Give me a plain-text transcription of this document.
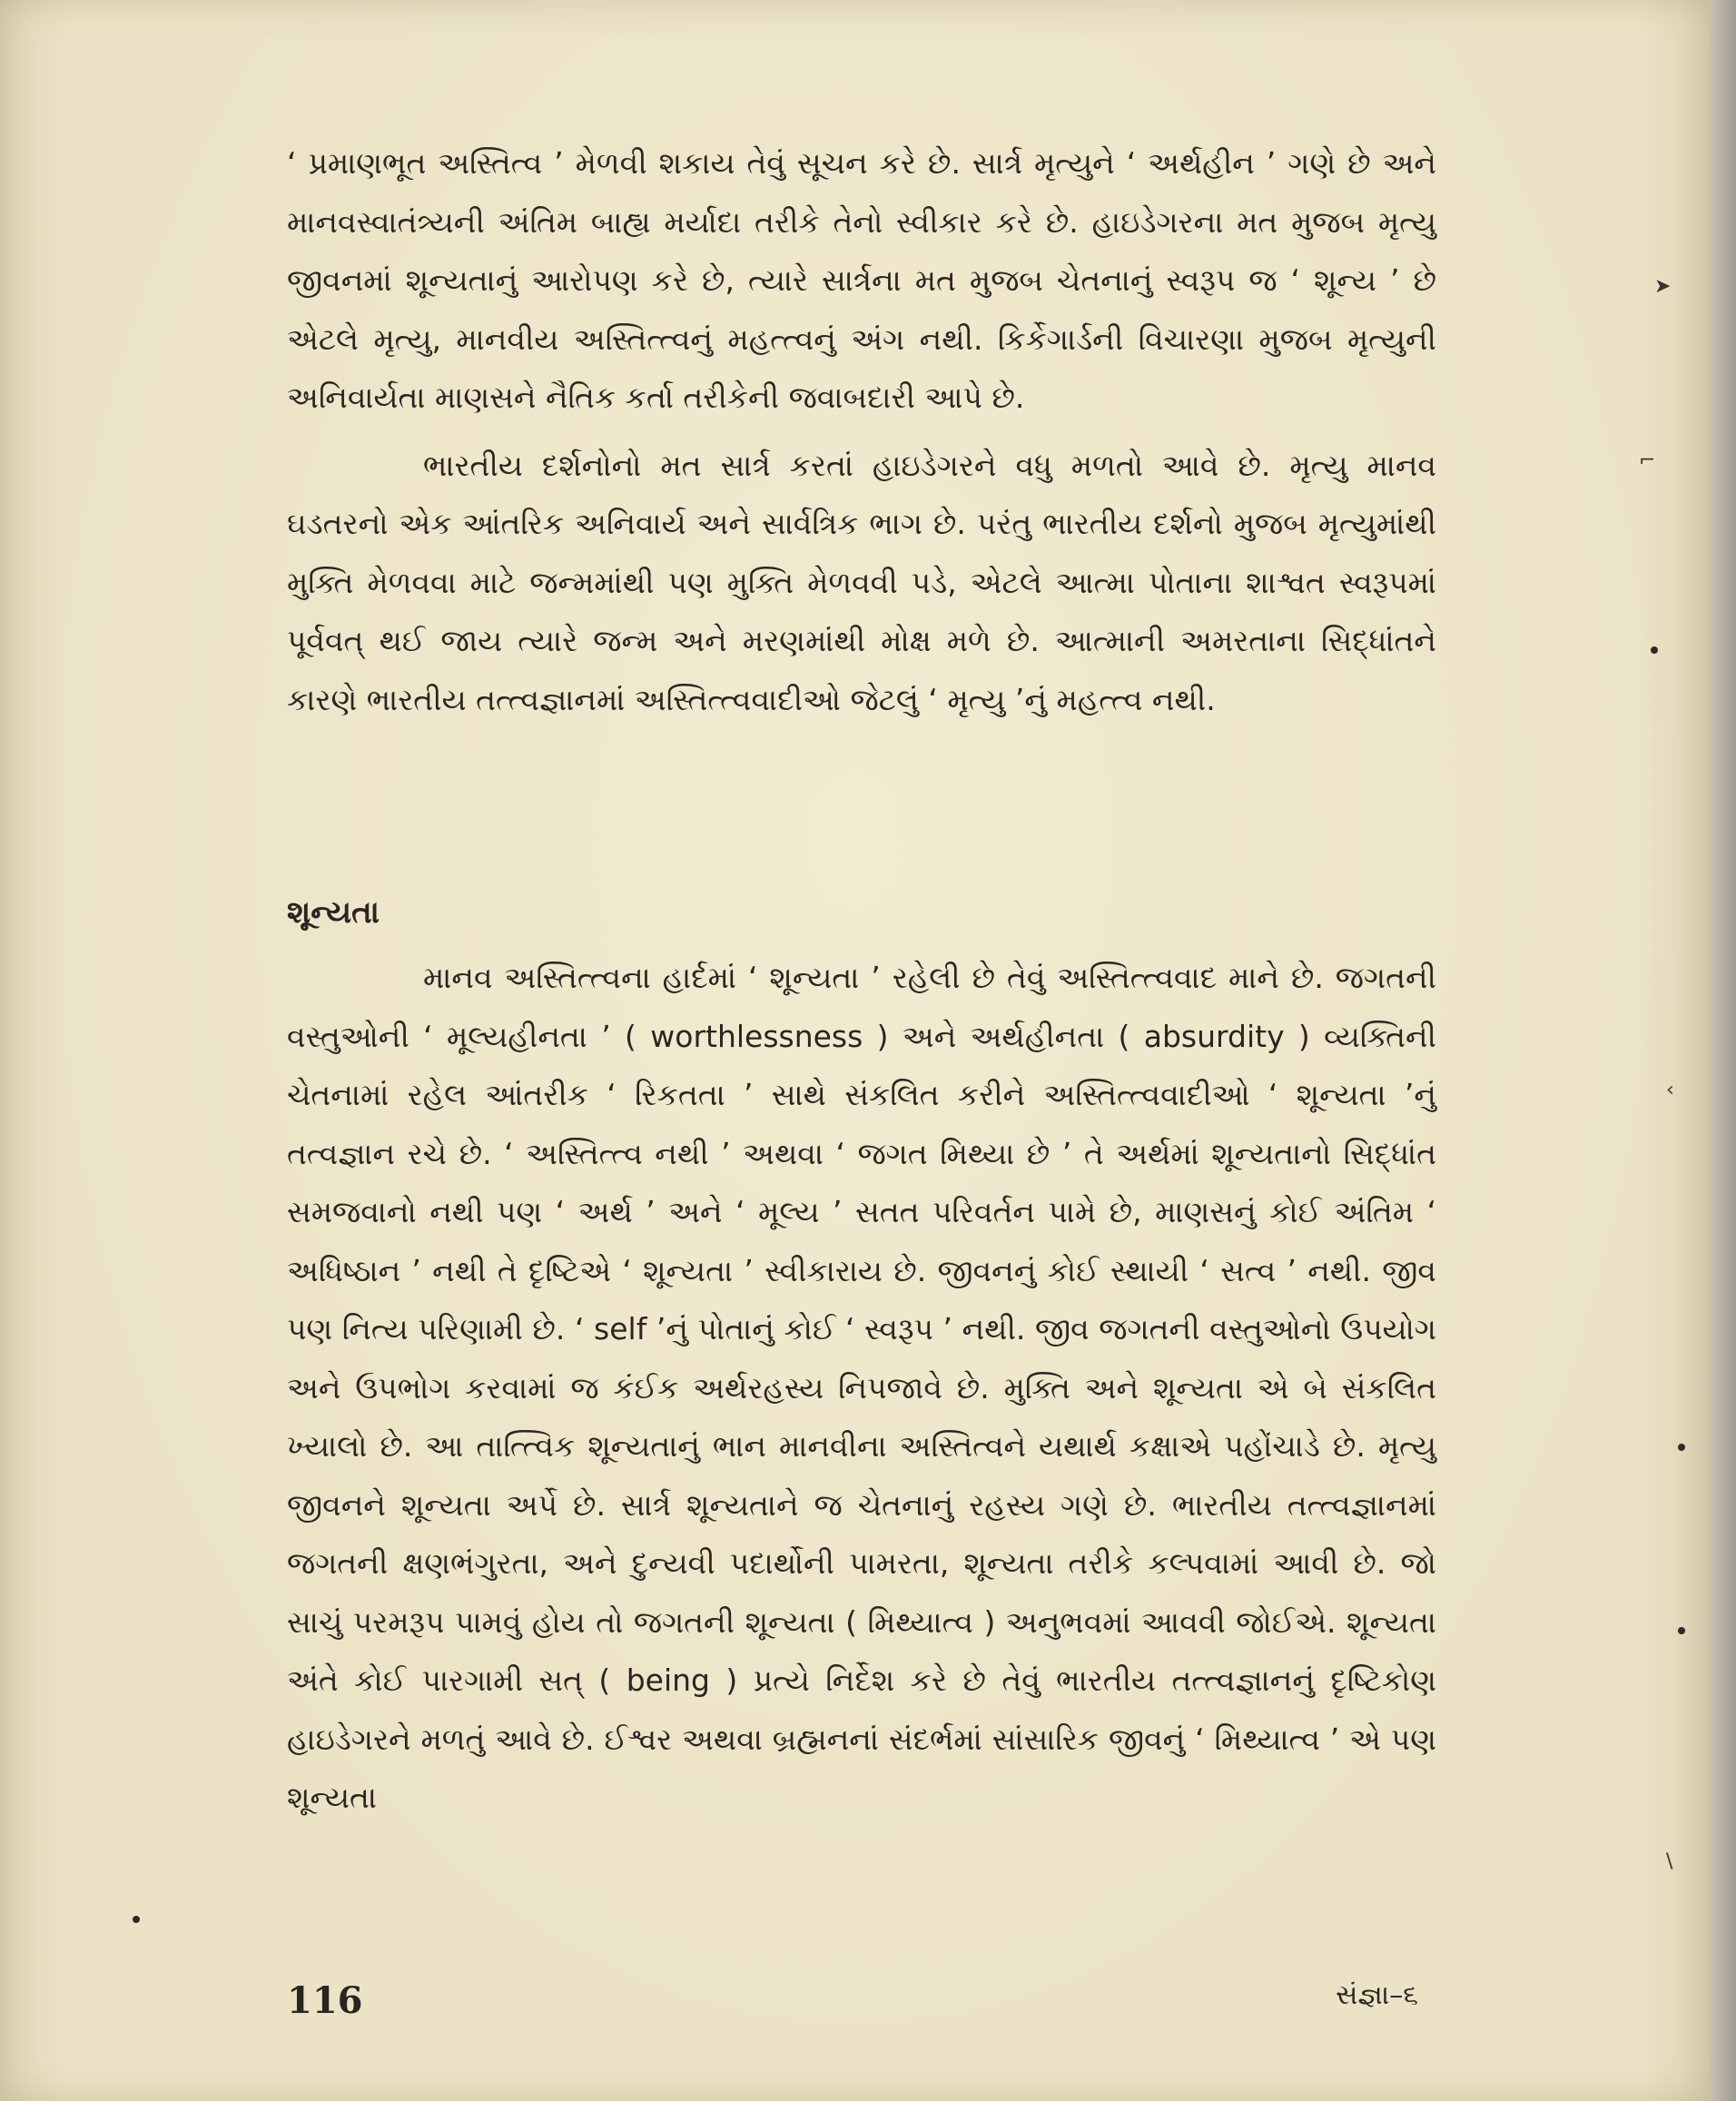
‘ પ્રમાણભૂત અસ્તિત્વ ’ મેળવી શકાય તેવું સૂચન કરે છે. સાર્ત્ર મૃત્યુને ‘ અર્થહીન ’ ગણે છે અને માનવસ્વાતંત્ર્યની અંતિમ બાહ્ય મર્યાદા તરીકે તેનો સ્વીકાર કરે છે. હાઇડેગરના મત મુજબ મૃત્યુ જીવનમાં શૂન્યતાનું આરોપણ કરે છે, ત્યારે સાર્ત્રના મત મુજબ ચેતનાનું સ્વરૂપ જ ‘ શૂન્ય ’ છે એટલે મૃત્યુ, માનવીય અસ્તિત્ત્વનું મહત્ત્વનું અંગ નથી. કિર્કેગાર્ડની વિચારણા મુજબ મૃત્યુની અનિવાર્યતા માણસને નૈતિક કર્તા તરીકેની જવાબદારી આપે છે.

ભારતીય દર્શનોનો મત સાર્ત્ર કરતાં હાઇડેગરને વધુ મળતો આવે છે. મૃત્યુ માનવ ઘડતરનો એક આંતરિક અનિવાર્ય અને સાર્વત્રિક ભાગ છે. પરંતુ ભારતીય દર્શનો મુજબ મૃત્યુમાંથી મુક્તિ મેળવવા માટે જન્મમાંથી પણ મુક્તિ મેળવવી પડે, એટલે આત્મા પોતાના શાશ્વત સ્વરૂપમાં પૂર્વવત્ થઈ જાય ત્યારે જન્મ અને મરણમાંથી મોક્ષ મળે છે. આત્માની અમરતાના સિદ્ધાંતને કારણે ભારતીય તત્ત્વજ્ઞાનમાં અસ્તિત્ત્વવાદીઓ જેટલું ‘ મૃત્યુ ’નું મહત્ત્વ નથી.

શૂન્યતા

માનવ અસ્તિત્ત્વના હાર્દમાં ‘ શૂન્યતા ’ રહેલી છે તેવું અસ્તિત્ત્વવાદ માને છે. જગતની વસ્તુઓની ‘ મૂલ્યહીનતા ’ ( worthlessness ) અને અર્થહીનતા ( absurdity ) વ્યક્તિની ચેતનામાં રહેલ આંતરીક ‘ રિકતતા ’ સાથે સંકલિત કરીને અસ્તિત્ત્વવાદીઓ ‘ શૂન્યતા ’નું તત્વજ્ઞાન રચે છે. ‘ અસ્તિત્ત્વ નથી ’ અથવા ‘ જગત મિથ્યા છે ’ તે અર્થમાં શૂન્યતાનો સિદ્ધાંત સમજવાનો નથી પણ ‘ અર્થ ’ અને ‘ મૂલ્ય ’ સતત પરિવર્તન પામે છે, માણસનું કોઈ અંતિમ ‘ અધિષ્ઠાન ’ નથી તે દૃષ્ટિએ ‘ શૂન્યતા ’ સ્વીકારાય છે. જીવનનું કોઈ સ્થાયી ‘ સત્વ ’ નથી. જીવ પણ નિત્ય પરિણામી છે. ‘ self ’નું પોતાનું કોઈ ‘ સ્વરૂપ ’ નથી. જીવ જગતની વસ્તુઓનો ઉપયોગ અને ઉપભોગ કરવામાં જ કંઈક અર્થરહસ્ય નિપજાવે છે. મુક્તિ અને શૂન્યતા એ બે સંકલિત ખ્યાલો છે. આ તાત્ત્વિક શૂન્યતાનું ભાન માનવીના અસ્તિત્વને યથાર્થ કક્ષાએ પહોંચાડે છે. મૃત્યુ જીવનને શૂન્યતા અર્પે છે. સાર્ત્ર શૂન્યતાને જ ચેતનાનું રહસ્ય ગણે છે. ભારતીય તત્ત્વજ્ઞાનમાં જગતની ક્ષણભંગુરતા, અને દુન્યવી પદાર્થોની પામરતા, શૂન્યતા તરીકે કલ્પવામાં આવી છે. જો સાચું પરમરૂપ પામવું હોય તો જગતની શૂન્યતા ( મિથ્યાત્વ ) અનુભવમાં આવવી જોઈએ. શૂન્યતા અંતે કોઈ પારગામી સત્ ( being ) પ્રત્યે નિર્દેશ કરે છે તેવું ભારતીય તત્ત્વજ્ઞાનનું દૃષ્ટિકોણ હાઇડેગરને મળતું આવે છે. ઈશ્વર અથવા બ્રહ્મનનાં સંદર્ભમાં સાંસારિક જીવનું ‘ મિથ્યાત્વ ’ એ પણ શૂન્યતા

116	સંજ્ઞા–૬

➤
⌐
‹
\
